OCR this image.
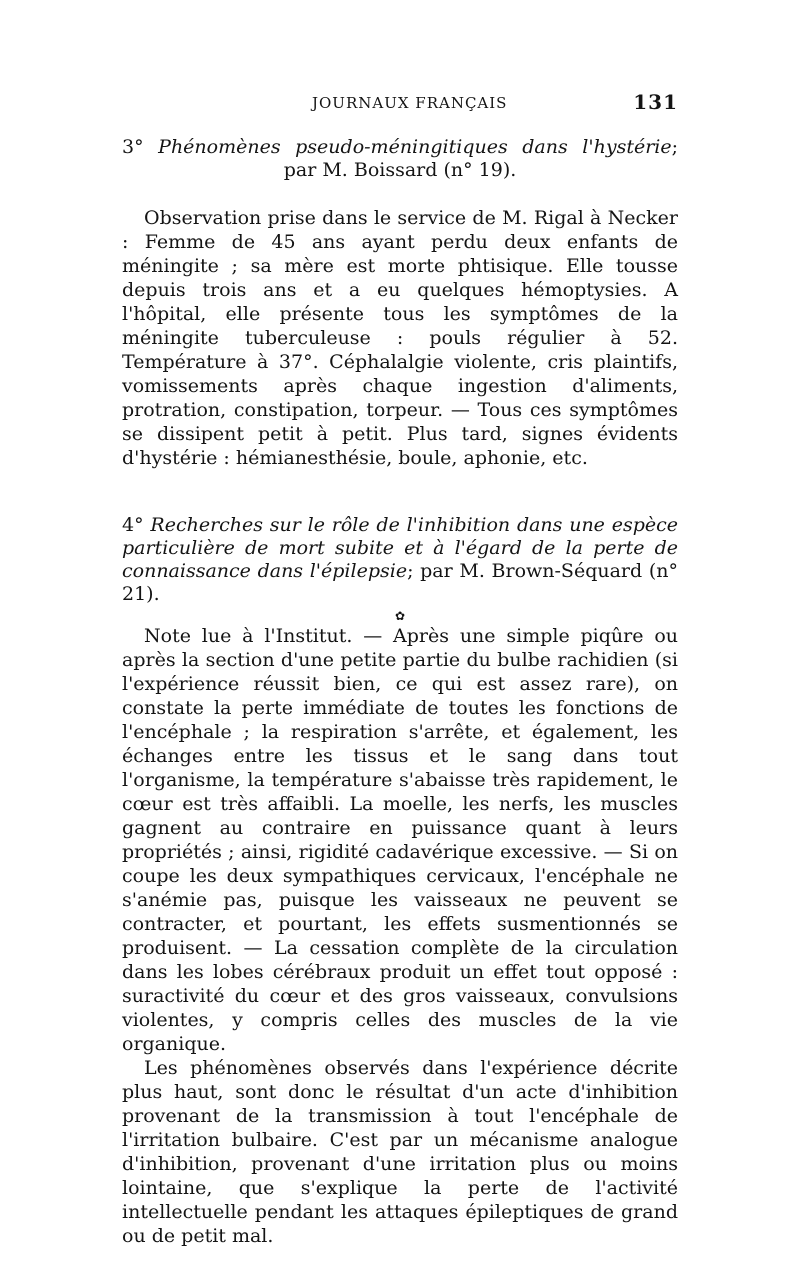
JOURNAUX FRANÇAIS	131
3° Phénomènes pseudo-méningitiques dans l'hystérie; par M. Boissard (n° 19).

Observation prise dans le service de M. Rigal à Necker : Femme de 45 ans ayant perdu deux enfants de méningite ; sa mère est morte phtisique. Elle tousse depuis trois ans et a eu quelques hémoptysies. A l'hôpital, elle présente tous les symptômes de la méningite tuberculeuse : pouls régulier à 52. Température à 37°. Céphalalgie violente, cris plaintifs, vomissements après chaque ingestion d'aliments, protration, constipation, torpeur. — Tous ces symptômes se dissipent petit à petit. Plus tard, signes évidents d'hystérie : hémianesthésie, boule, aphonie, etc.

4° Recherches sur le rôle de l'inhibition dans une espèce particulière de mort subite et à l'égard de la perte de connaissance dans l'épilepsie; par M. Brown-Séquard (n° 21).
✿

Note lue à l'Institut. — Après une simple piqûre ou après la section d'une petite partie du bulbe rachidien (si l'expérience réussit bien, ce qui est assez rare), on constate la perte immédiate de toutes les fonctions de l'encéphale ; la respiration s'arrête, et également, les échanges entre les tissus et le sang dans tout l'organisme, la température s'abaisse très rapidement, le cœur est très affaibli. La moelle, les nerfs, les muscles gagnent au contraire en puissance quant à leurs propriétés ; ainsi, rigidité cadavérique excessive. — Si on coupe les deux sympathiques cervicaux, l'encéphale ne s'anémie pas, puisque les vaisseaux ne peuvent se contracter, et pourtant, les effets susmentionnés se produisent. — La cessation complète de la circulation dans les lobes cérébraux produit un effet tout opposé : suractivité du cœur et des gros vaisseaux, convulsions violentes, y compris celles des muscles de la vie organique.

Les phénomènes observés dans l'expérience décrite plus haut, sont donc le résultat d'un acte d'inhibition provenant de la transmission à tout l'encéphale de l'irritation bulbaire. C'est par un mécanisme analogue d'inhibition, provenant d'une irritation plus ou moins lointaine, que s'explique la perte de l'activité intellectuelle pendant les attaques épileptiques de grand ou de petit mal.
